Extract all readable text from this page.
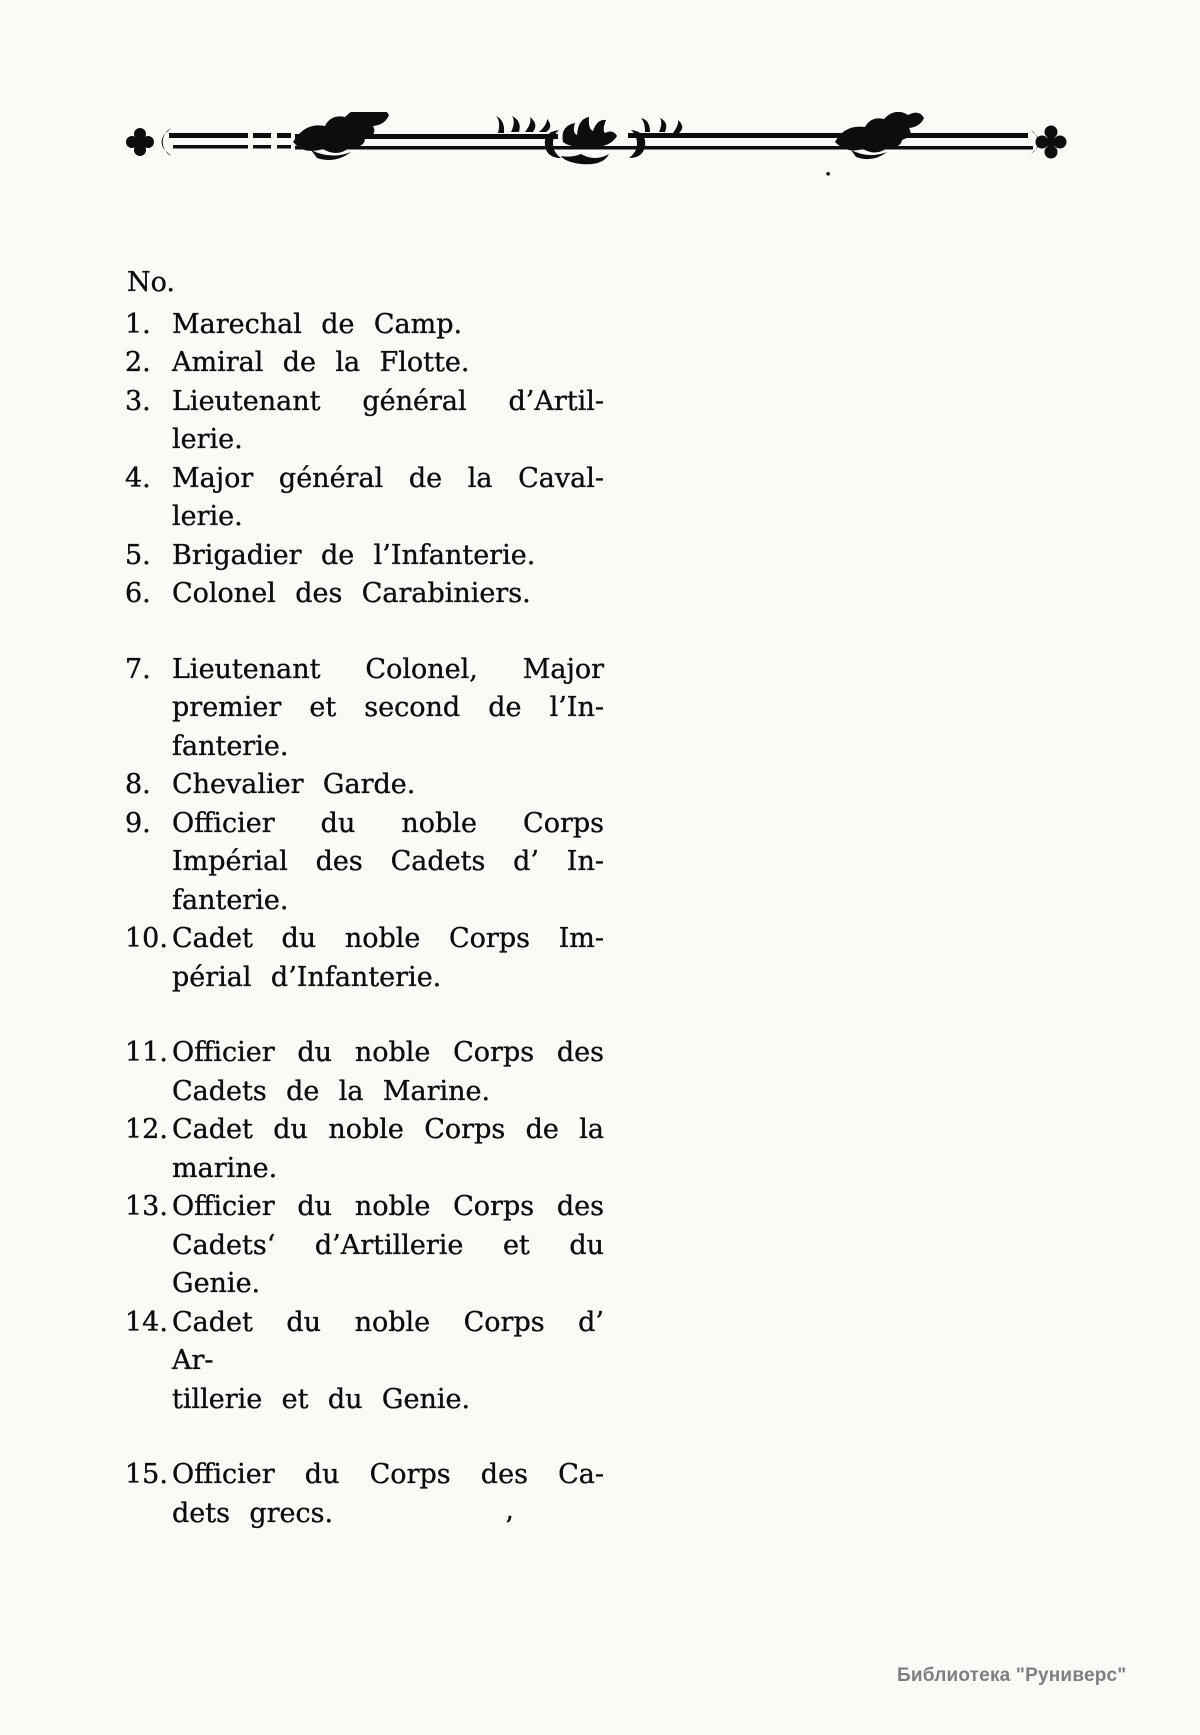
No.
1. Marechal de Camp.
2. Amiral de la Flotte.
3. Lieutenant général d’Artil-
lerie.
4. Major général de la Caval-
lerie.
5. Brigadier de l’Infanterie.
6. Colonel des Carabiniers.
7. Lieutenant Colonel, Major
premier et second de l’In-
fanterie.
8. Chevalier Garde.
9. Officier du noble Corps
Impérial des Cadets d’ In-
fanterie.
10. Cadet du noble Corps Im-
périal d’Infanterie.
11. Officier du noble Corps des
Cadets de la Marine.
12. Cadet du noble Corps de la
marine.
13. Officier du noble Corps des
Cadets‘ d’Artillerie et du
Genie.
14. Cadet du noble Corps d’ Ar-
tillerie et du Genie.
15. Officier du Corps des Ca-
dets grecs.	’
.
Библиотека "Руниверс"
